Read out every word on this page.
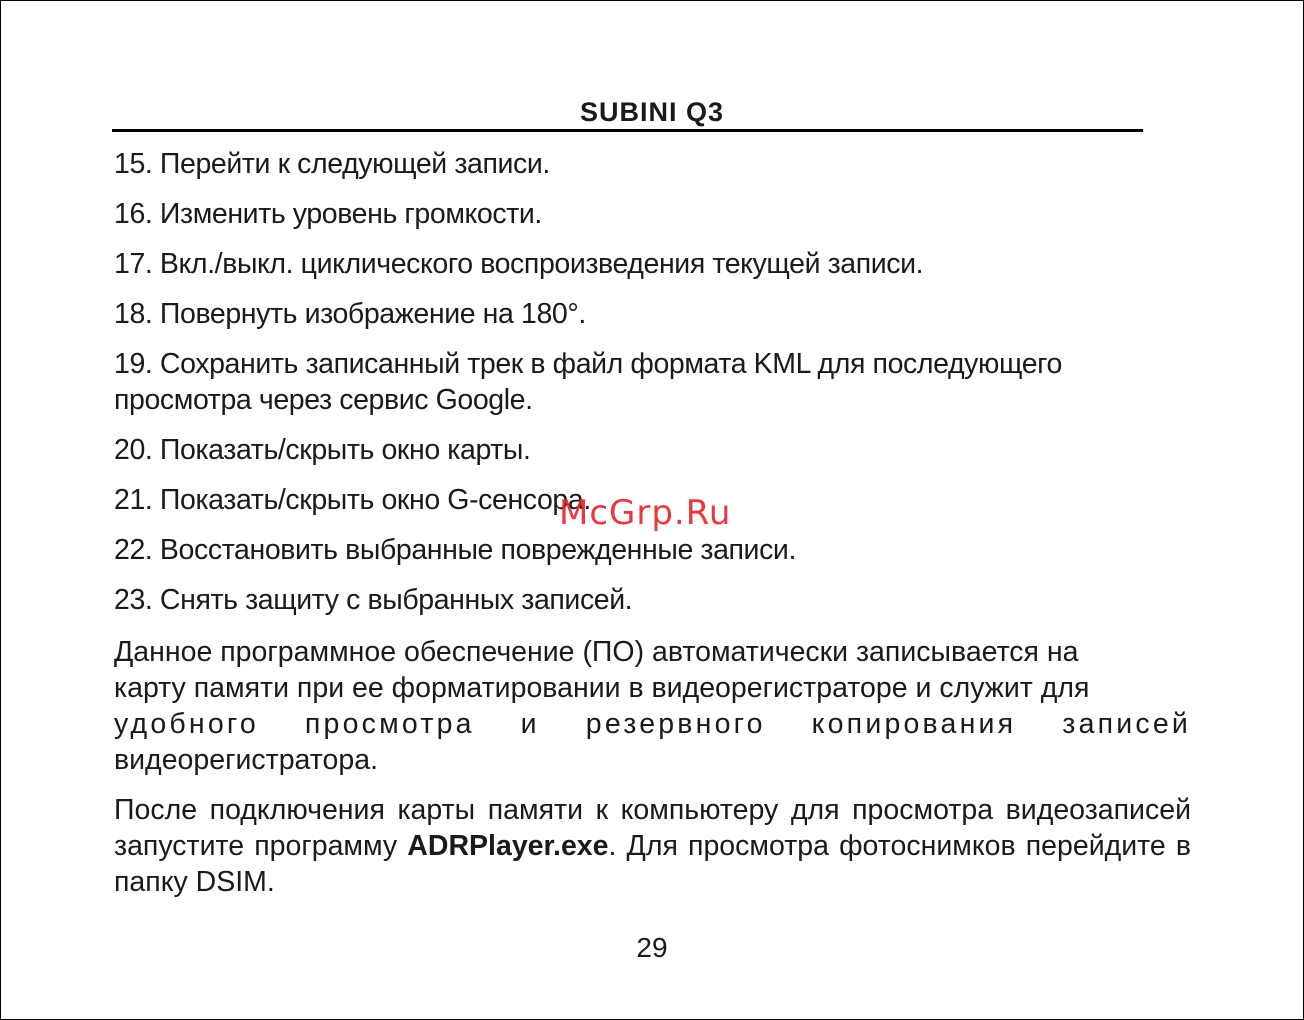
SUBINI Q3

15. Перейти к следующей записи.

16. Изменить уровень громкости.

17. Вкл./выкл. циклического воспроизведения текущей записи.

18. Повернуть изображение на 180°.

19. Сохранить записанный трек в файл формата KML для последующего просмотра через сервис Google.

20. Показать/скрыть окно карты.

21. Показать/скрыть окно G-сенсора.

22. Восстановить выбранные поврежденные записи.

23. Снять защиту с выбранных записей.

Данное программное обеспечение (ПО) автоматически записывается на
карту памяти при ее форматировании в видеорегистраторе и служит для
удобного просмотра и резервного копирования записей
видеорегистратора.

После подключения карты памяти к компьютеру для просмотра видеозаписей запустите программу ADRPlayer.exe. Для просмотра фотоснимков перейдите в папку DSIM.

McGrp.Ru
29
